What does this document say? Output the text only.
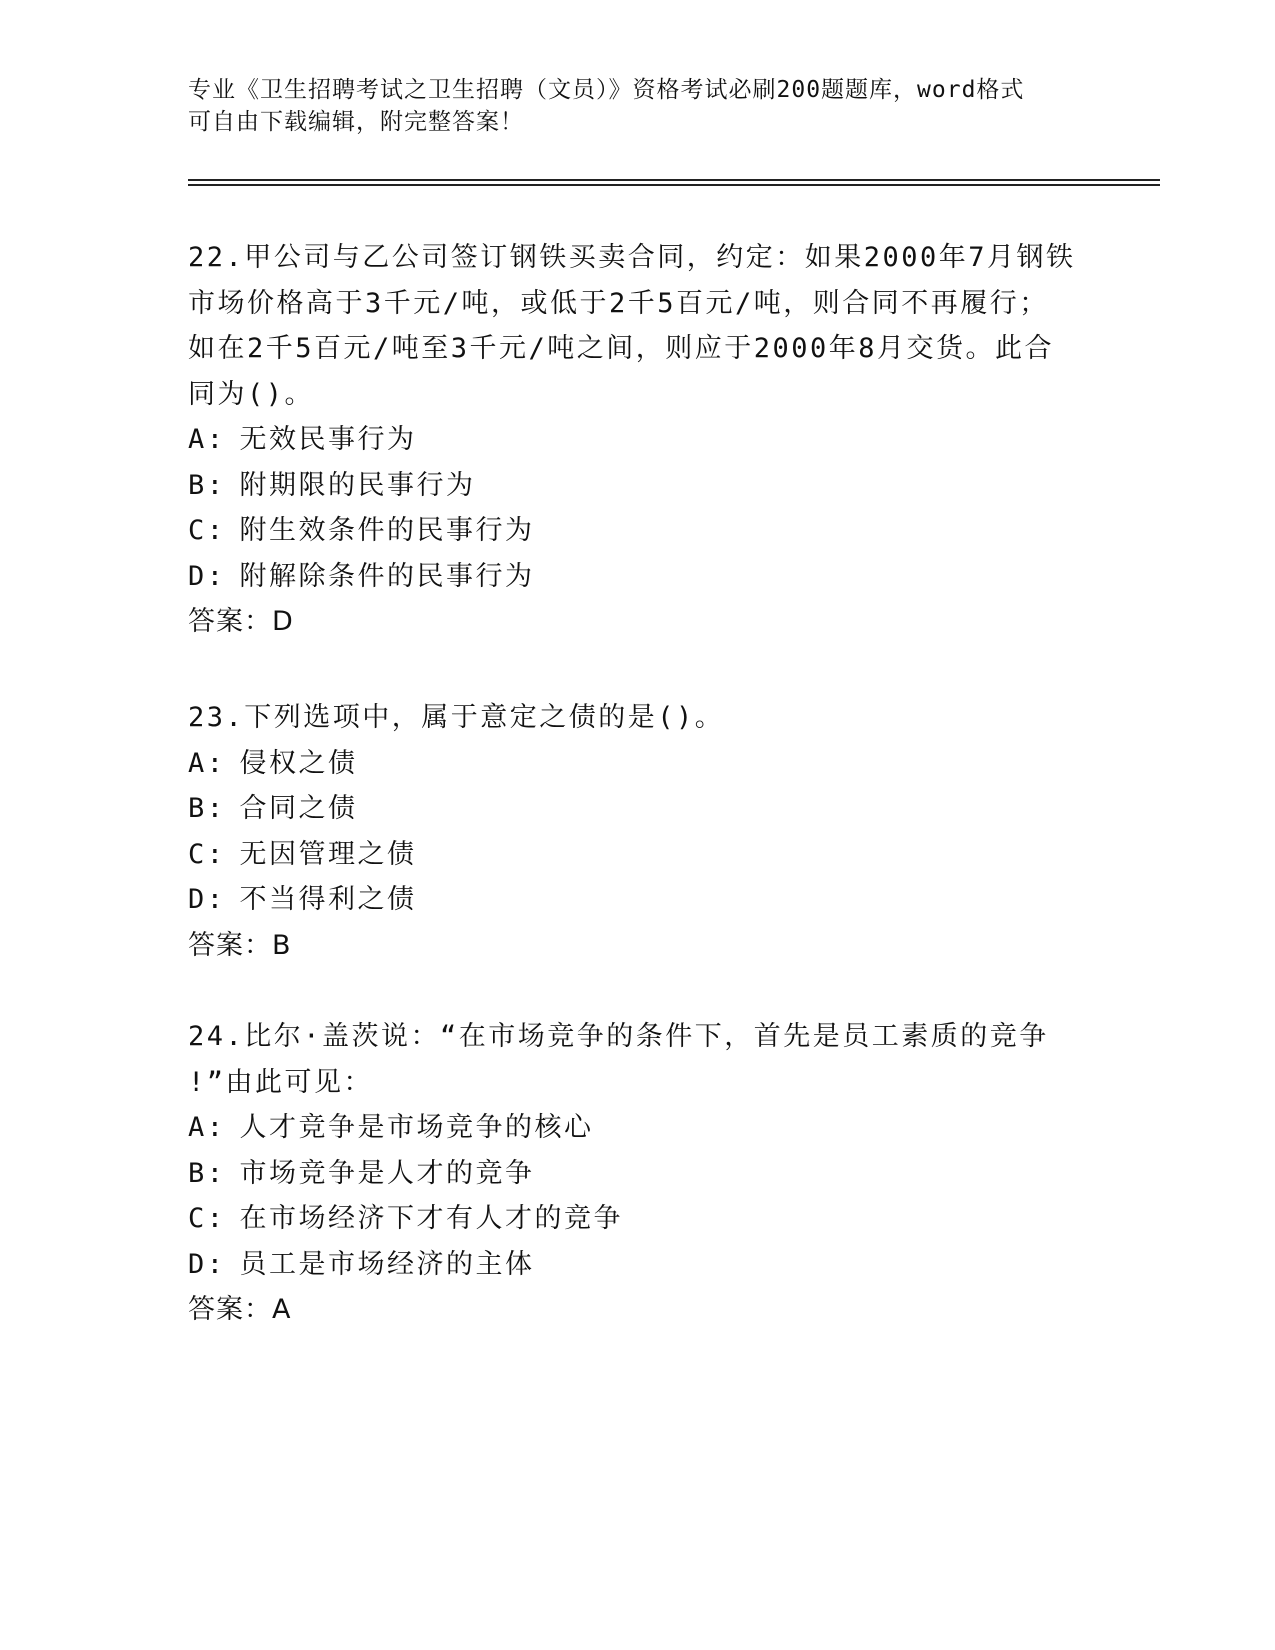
专业《卫生招聘考试之卫生招聘（文员）》资格考试必刷200题题库，word格式
可自由下载编辑，附完整答案！
22.甲公司与乙公司签订钢铁买卖合同，约定：如果2000年7月钢铁
市场价格高于3千元/吨，或低于2千5百元/吨，则合同不再履行；
如在2千5百元/吨至3千元/吨之间，则应于2000年8月交货。此合
同为()。
A: 无效民事行为
B: 附期限的民事行为
C: 附生效条件的民事行为
D: 附解除条件的民事行为
答案：D
23.下列选项中，属于意定之债的是()。
A: 侵权之债
B: 合同之债
C: 无因管理之债
D: 不当得利之债
答案：B
24.比尔·盖茨说：“在市场竞争的条件下，首先是员工素质的竞争
!”由此可见：
A: 人才竞争是市场竞争的核心
B: 市场竞争是人才的竞争
C: 在市场经济下才有人才的竞争
D: 员工是市场经济的主体
答案：A
